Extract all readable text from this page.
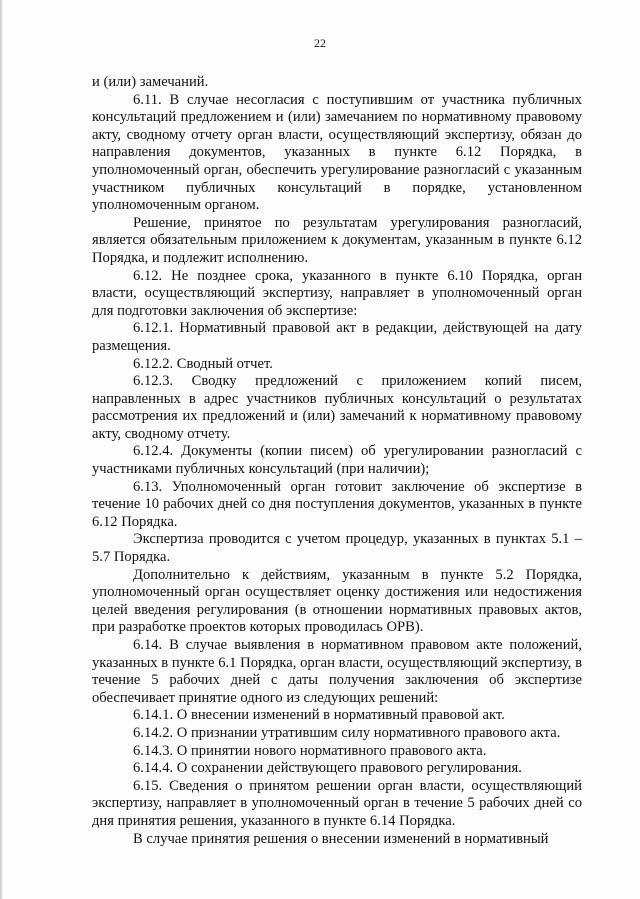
22

и (или) замечаний.

6.11. В случае несогласия с поступившим от участника публичных консультаций предложением и (или) замечанием по нормативному правовому акту, сводному отчету орган власти, осуществляющий экспертизу, обязан до направления документов, указанных в пункте 6.12 Порядка, в уполномоченный орган, обеспечить урегулирование разногласий с указанным участником публичных консультаций в порядке, установленном уполномоченным органом.

Решение, принятое по результатам урегулирования разногласий, является обязательным приложением к документам, указанным в пункте 6.12 Порядка, и подлежит исполнению.

6.12. Не позднее срока, указанного в пункте 6.10 Порядка, орган власти, осуществляющий экспертизу, направляет в уполномоченный орган для подготовки заключения об экспертизе:

6.12.1. Нормативный правовой акт в редакции, действующей на дату размещения.

6.12.2. Сводный отчет.

6.12.3. Сводку предложений с приложением копий писем, направленных в адрес участников публичных консультаций о результатах рассмотрения их предложений и (или) замечаний к нормативному правовому акту, сводному отчету.

6.12.4. Документы (копии писем) об урегулировании разногласий с участниками публичных консультаций (при наличии);

6.13. Уполномоченный орган готовит заключение об экспертизе в течение 10 рабочих дней со дня поступления документов, указанных в пункте 6.12 Порядка.

Экспертиза проводится с учетом процедур, указанных в пунктах 5.1 – 5.7 Порядка.

Дополнительно к действиям, указанным в пункте 5.2 Порядка, уполномоченный орган осуществляет оценку достижения или недостижения целей введения регулирования (в отношении нормативных правовых актов, при разработке проектов которых проводилась ОРВ).

6.14. В случае выявления в нормативном правовом акте положений, указанных в пункте 6.1 Порядка, орган власти, осуществляющий экспертизу, в течение 5 рабочих дней с даты получения заключения об экспертизе обеспечивает принятие одного из следующих решений:

6.14.1. О внесении изменений в нормативный правовой акт.

6.14.2. О признании утратившим силу нормативного правового акта.

6.14.3. О принятии нового нормативного правового акта.

6.14.4. О сохранении действующего правового регулирования.

6.15. Сведения о принятом решении орган власти, осуществляющий экспертизу, направляет в уполномоченный орган в течение 5 рабочих дней со дня принятия решения, указанного в пункте 6.14 Порядка.

В случае принятия решения о внесении изменений в нормативный
